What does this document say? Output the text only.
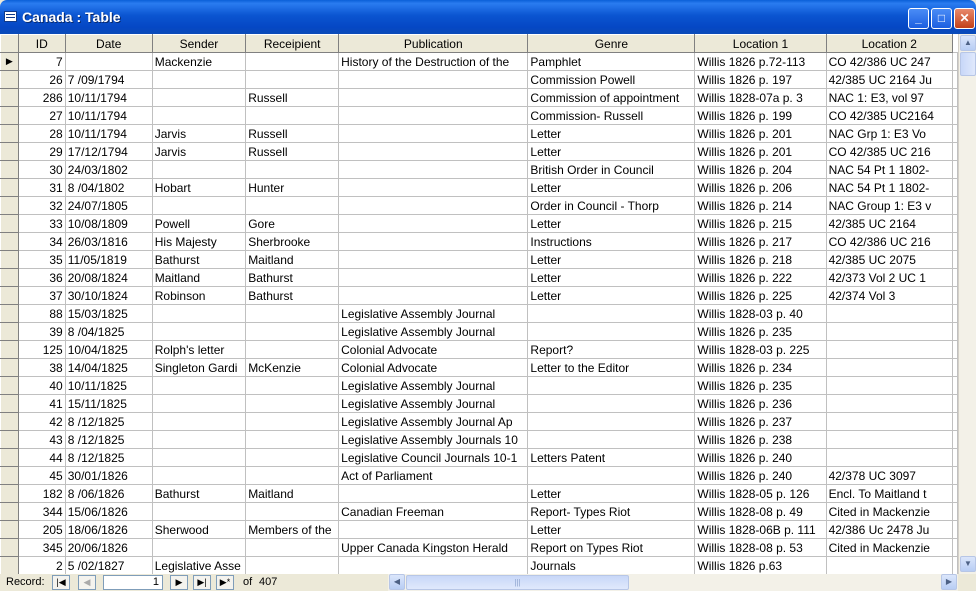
Canada : Table	_	□	✕
	ID	Date	Sender	Receipient	Publication	Genre	Location 1	Location 2	
▶	7		Mackenzie		History of the Destruction of the	Pamphlet	Willis 1826 p.72-113	CO 42/386 UC 247	
	26	7 /09/1794				Commission Powell	Willis 1826 p. 197	42/385 UC 2164 Ju	
	286	10/11/1794		Russell		Commission of appointment	Willis 1828-07a p. 3	NAC 1: E3, vol 97	
	27	10/11/1794				Commission- Russell	Willis 1826 p. 199	CO 42/385 UC2164	
	28	10/11/1794	Jarvis	Russell		Letter	Willis 1826 p. 201	NAC Grp 1: E3 Vo	
	29	17/12/1794	Jarvis	Russell		Letter	Willis 1826 p. 201	CO 42/385 UC 216	
	30	24/03/1802				British Order in Council	Willis 1826 p. 204	NAC 54 Pt 1 1802-	
	31	8 /04/1802	Hobart	Hunter		Letter	Willis 1826 p. 206	NAC 54 Pt 1 1802-	
	32	24/07/1805				Order in Council - Thorp	Willis 1826 p. 214	NAC Group 1: E3 v	
	33	10/08/1809	Powell	Gore		Letter	Willis 1826 p. 215	42/385 UC 2164	
	34	26/03/1816	His Majesty	Sherbrooke		Instructions	Willis 1826 p. 217	CO 42/386 UC 216	
	35	11/05/1819	Bathurst	Maitland		Letter	Willis 1826 p. 218	42/385 UC 2075	
	36	20/08/1824	Maitland	Bathurst		Letter	Willis 1826 p. 222	42/373 Vol 2 UC 1	
	37	30/10/1824	Robinson	Bathurst		Letter	Willis 1826 p. 225	42/374 Vol 3	
	88	15/03/1825			Legislative Assembly Journal		Willis 1828-03 p. 40		
	39	8 /04/1825			Legislative Assembly Journal		Willis 1826 p. 235		
	125	10/04/1825	Rolph's letter		Colonial Advocate	Report?	Willis 1828-03 p. 225		
	38	14/04/1825	Singleton Gardi	McKenzie	Colonial Advocate	Letter to the Editor	Willis 1826 p. 234		
	40	10/11/1825			Legislative Assembly Journal		Willis 1826 p. 235		
	41	15/11/1825			Legislative Assembly Journal		Willis 1826 p. 236		
	42	8 /12/1825			Legislative Assembly Journal Ap		Willis 1826 p. 237		
	43	8 /12/1825			Legislative Assembly Journals 10		Willis 1826 p. 238		
	44	8 /12/1825			Legislative Council Journals 10-1	Letters Patent	Willis 1826 p. 240		
	45	30/01/1826			Act of Parliament		Willis 1826 p. 240	42/378 UC 3097	
	182	8 /06/1826	Bathurst	Maitland		Letter	Willis 1828-05 p. 126	Encl. To Maitland t	
	344	15/06/1826			Canadian Freeman	Report- Types Riot	Willis 1828-08 p. 49	Cited in Mackenzie	
	205	18/06/1826	Sherwood	Members of the		Letter	Willis 1828-06B p. 111	42/386 Uc 2478 Ju	
	345	20/06/1826			Upper Canada Kingston Herald	Report on Types Riot	Willis 1828-08 p. 53	Cited in Mackenzie	
	2	5 /02/1827	Legislative Asse			Journals	Willis 1826 p.63		
▲
▼
Record:	|◀	◀	1	▶	▶|	▶*	of 407	◀	|||	▶
